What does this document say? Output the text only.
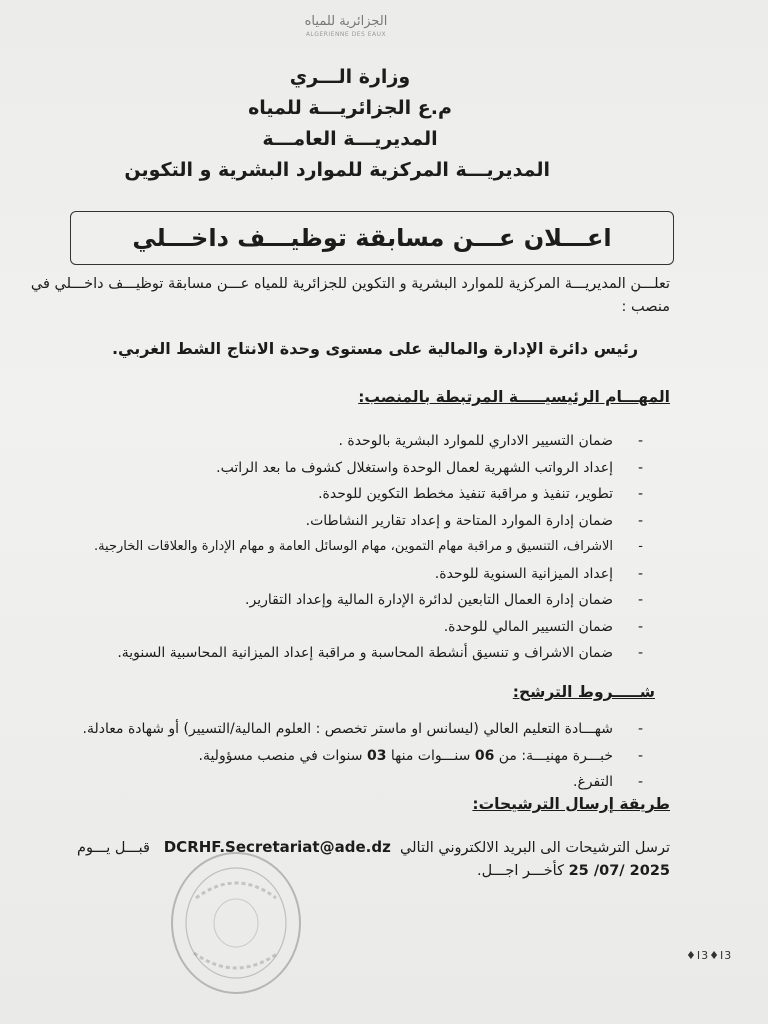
الجزائرية للمياه
ALGERIENNE DES EAUX
وزارة الـــري
م.ع الجزائريـــة للمياه
المديريـــة العامـــة
المديريـــة المركزية للموارد البشرية و التكوين
اعـــلان عـــن مسابقة توظيـــف داخـــلي
تعلـــن المديريـــة المركزية للموارد البشرية و التكوين للجزائرية للمياه عـــن مسابقة توظيـــف داخـــلي في منصب :
رئيس دائرة الإدارة والمالية على مستوى وحدة الانتاج الشط الغربي.
المهـــام الرئيسيـــــة المرتبطة بالمنصب:
- ضمان التسيير الاداري للموارد البشرية بالوحدة .
- إعداد الرواتب الشهرية لعمال الوحدة واستغلال كشوف ما بعد الراتب.
- تطوير، تنفيذ و مراقبة تنفيذ مخطط التكوين للوحدة.
- ضمان إدارة الموارد المتاحة و إعداد تقارير النشاطات.
- الاشراف، التنسيق و مراقبة مهام التموين، مهام الوسائل العامة و مهام الإدارة والعلاقات الخارجية.
- إعداد الميزانية السنوية للوحدة.
- ضمان إدارة العمال التابعين لدائرة الإدارة المالية وإعداد التقارير.
- ضمان التسيير المالي للوحدة.
- ضمان الاشراف و تنسيق أنشطة المحاسبة و مراقبة إعداد الميزانية المحاسبية السنوية.
شـــــروط الترشح:
- شهـــادة التعليم العالي (ليسانس او ماستر تخصص : العلوم المالية/التسيير) أو شهادة معادلة.
- خبـــرة مهنيـــة: من 06 سنـــوات منها 03 سنوات في منصب مسؤولية.
- التفرغ.
طريقة إرسال الترشيحات:
ترسل الترشيحات الى البريد الالكتروني التالي  DCRHF.Secretariat@ade.dz   قبـــل يـــوم
25 /07/ 2025 كأخـــر اجـــل.
♦I3♦I3
